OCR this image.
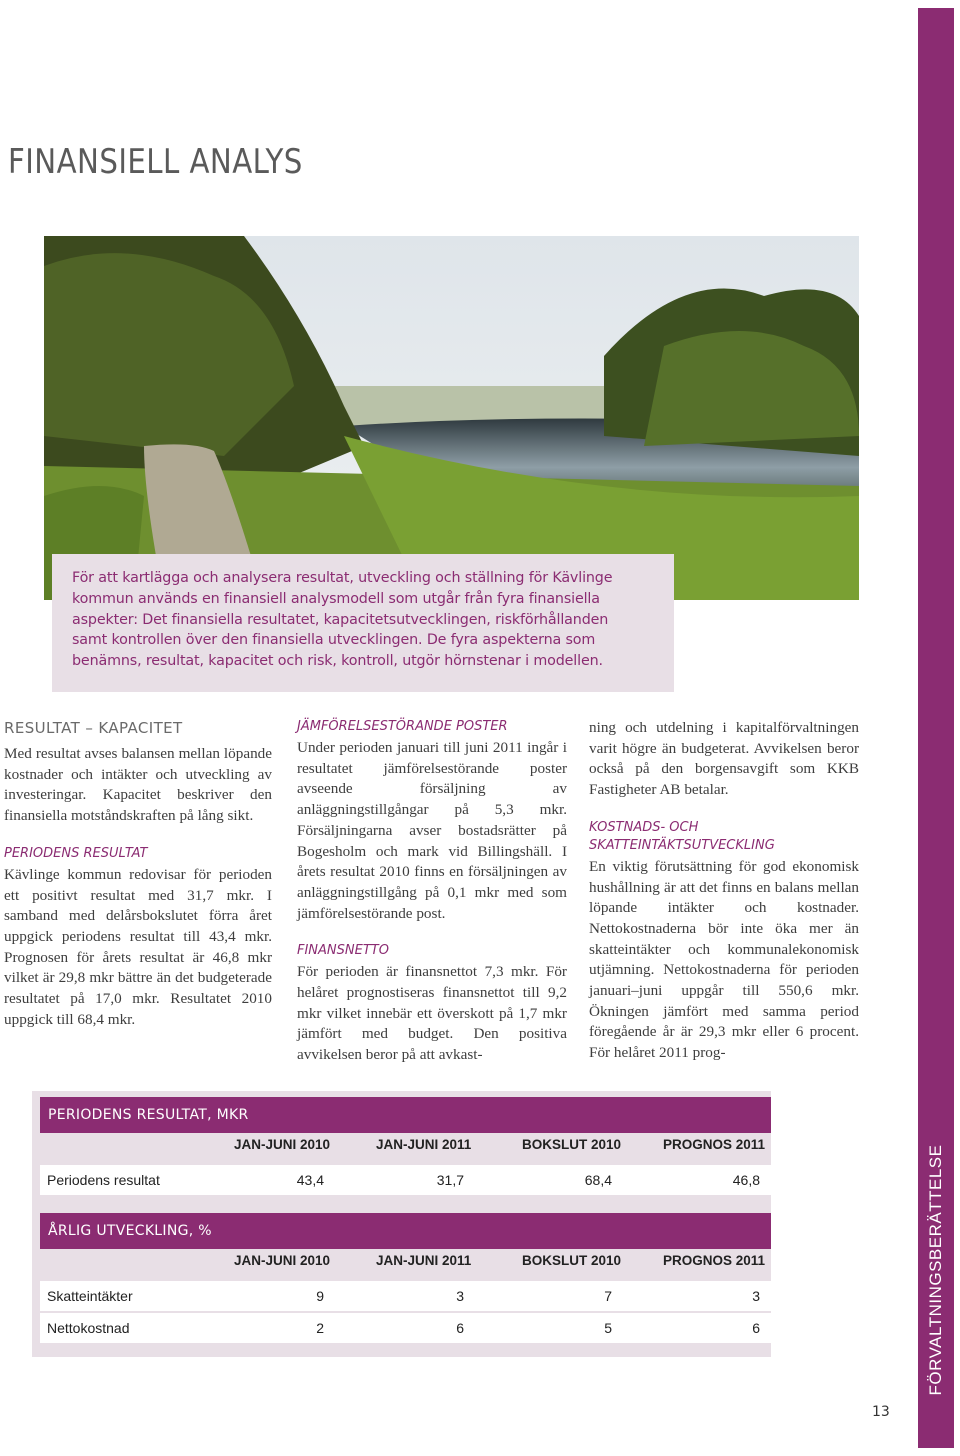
FÖRVALTNINGSBERÄTTELSE
FINANSIELL ANALYS

För att kartlägga och analysera resultat, utveckling och ställning för Kävlinge

kommun används en finansiell analysmodell som utgår från fyra finansiella

aspekter: Det finansiella resultatet, kapacitetsutvecklingen, riskförhållanden

samt kontrollen över den finansiella utvecklingen. De fyra aspekterna som

benämns, resultat, kapacitet och risk, kontroll, utgör hörnstenar i modellen.

RESULTAT – KAPACITET

Med resultat avses balansen mellan löpande kostnader och intäkter och utveckling av investeringar. Kapacitet beskriver den finansiella motståndskraften på lång sikt.

PERIODENS RESULTAT

Kävlinge kommun redovisar för perioden ett positivt resultat med 31,7 mkr. I samband med delårsbokslutet förra året uppgick periodens resultat till 43,4 mkr. Prognosen för årets resultat är 46,8 mkr vilket är 29,8 mkr bättre än det budgeterade resultatet på 17,0 mkr. Resultatet 2010 uppgick till 68,4 mkr.

JÄMFÖRELSESTÖRANDE POSTER

Under perioden januari till juni 2011 ingår i resultatet jämförelsestörande poster avseende försäljning av anläggningstillgångar på 5,3 mkr. Försäljningarna avser bostadsrätter på Bogesholm och mark vid Billingshäll. I årets resultat 2010 finns en försäljningen av anläggningstillgång på 0,1 mkr med som jämförelsestörande post.

FINANSNETTO

För perioden är finansnettot 7,3 mkr. För helåret prognostiseras finansnettot till 9,2 mkr vilket innebär ett överskott på 1,7 mkr jämfört med budget. Den positiva avvikelsen beror på att avkast-

ning och utdelning i kapitalförvaltningen varit högre än budgeterat. Avvikelsen beror också på den borgensavgift som KKB Fastigheter AB betalar.

KOSTNADS- OCH SKATTEINTÄKTSUTVECKLING

En viktig förutsättning för god ekonomisk hushållning är att det finns en balans mellan löpande intäkter och kostnader. Nettokostnaderna bör inte öka mer än skatteintäkter och kommunalekonomisk utjämning. Nettokostnaderna för perioden januari–juni uppgår till 550,6 mkr. Ökningen jämfört med samma period föregående år är 29,3 mkr eller 6 procent. För helåret 2011 prog-

PERIODENS RESULTAT, MKR
JAN-JUNI 2010	JAN-JUNI 2011	BOKSLUT 2010	PROGNOS 2011
Periodens resultat	43,4	31,7	68,4	46,8
ÅRLIG UTVECKLING, %
JAN-JUNI 2010	JAN-JUNI 2011	BOKSLUT 2010	PROGNOS 2011
Skatteintäkter	9	3	7	3
Nettokostnad	2	6	5	6
13
